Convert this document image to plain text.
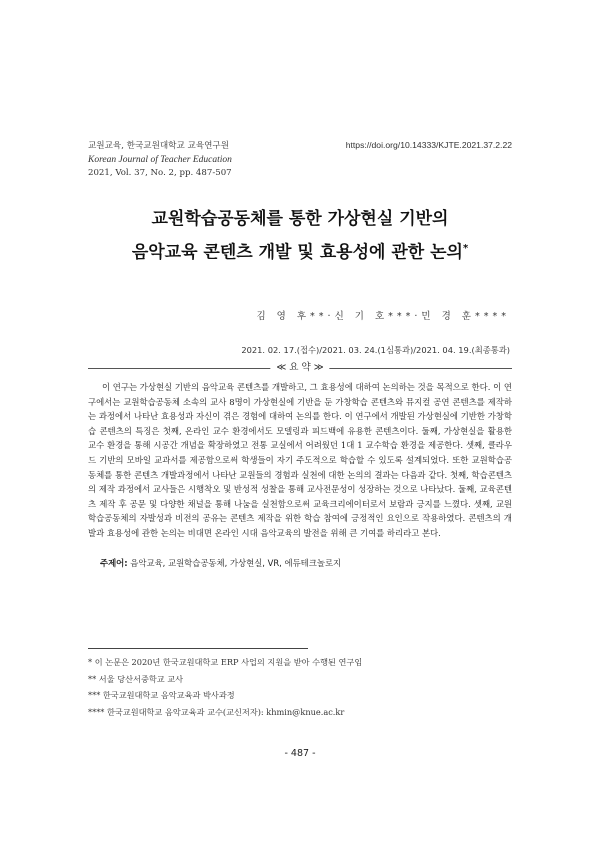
교원교육, 한국교원대학교 교육연구원
Korean Journal of Teacher Education
2021, Vol. 37, No. 2, pp. 487-507
https://doi.org/10.14333/KJTE.2021.37.2.22
교원학습공동체를 통한 가상현실 기반의
음악교육 콘텐츠 개발 및 효용성에 관한 논의*
김 영 후**·신 기 호***·민 경 훈****
2021. 02. 17.(접수)/2021. 03. 24.(1심통과)/2021. 04. 19.(최종통과)
≪ 요 약 ≫

이 연구는 가상현실 기반의 음악교육 콘텐츠를 개발하고, 그 효용성에 대하여 논의하는 것을 목적으로 한다. 이 연구에서는 교원학습공동체 소속의 교사 8명이 가상현실에 기반을 둔 가창학습 콘텐츠와 뮤지컬 공연 콘텐츠를 제작하는 과정에서 나타난 효용성과 자신이 겪은 경험에 대하여 논의를 한다. 이 연구에서 개발된 가상현실에 기반한 가창학습 콘텐츠의 특징은 첫째, 온라인 교수 환경에서도 모델링과 피드백에 유용한 콘텐츠이다. 둘째, 가상현실을 활용한 교수 환경을 통해 시공간 개념을 확장하였고 전통 교실에서 어려웠던 1대 1 교수학습 환경을 제공한다. 셋째, 클라우드 기반의 모바일 교과서를 제공함으로써 학생들이 자기 주도적으로 학습할 수 있도록 설계되었다. 또한 교원학습공동체를 통한 콘텐츠 개발과정에서 나타난 교원들의 경험과 실천에 대한 논의의 결과는 다음과 같다. 첫째, 학습콘텐츠의 제작 과정에서 교사들은 시행착오 및 반성적 성찰을 통해 교사전문성이 성장하는 것으로 나타났다. 둘째, 교육콘텐츠 제작 후 공문 및 다양한 채널을 통해 나눔을 실천함으로써 교육크리에이터로서 보람과 긍지를 느꼈다. 셋째, 교원학습공동체의 자발성과 비전의 공유는 콘텐츠 제작을 위한 학습 참여에 긍정적인 요인으로 작용하였다. 콘텐츠의 개발과 효용성에 관한 논의는 비대면 온라인 시대 음악교육의 발전을 위해 큰 기여를 하리라고 본다.

주제어: 음악교육, 교원학습공동체, 가상현실, VR, 에듀테크놀로지
* 이 논문은 2020년 한국교원대학교 ERP 사업의 지원을 받아 수행된 연구임
** 서울 당산서중학교 교사
*** 한국교원대학교 음악교육과 박사과정
**** 한국교원대학교 음악교육과 교수(교신저자): khmin@knue.ac.kr
- 487 -
